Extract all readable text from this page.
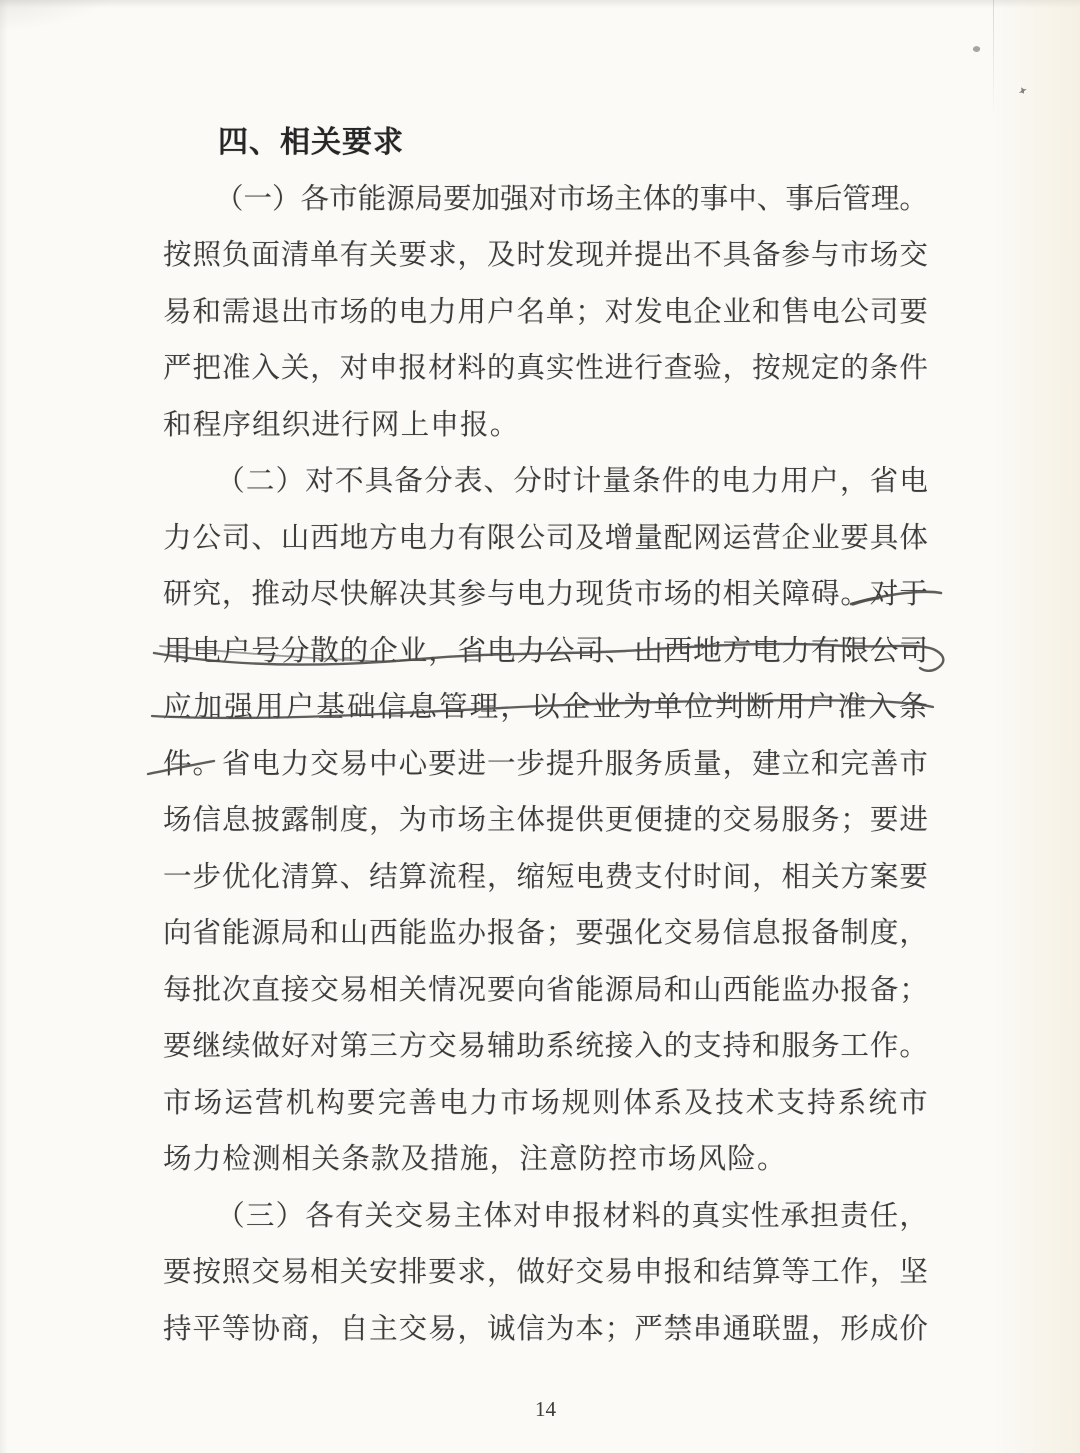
四、相关要求
（ 一 ） 各 市 能 源 局 要 加 强 对 市 场 主 体 的 事 中 、 事 后 管 理 。
按 照 负 面 清 单 有 关 要 求 ， 及 时 发 现 并 提 出 不 具 备 参 与 市 场 交
易 和 需 退 出 市 场 的 电 力 用 户 名 单 ； 对 发 电 企 业 和 售 电 公 司 要
严 把 准 入 关 ， 对 申 报 材 料 的 真 实 性 进 行 查 验 ， 按 规 定 的 条 件
和程序组织进行网上申报。
（ 二 ） 对 不 具 备 分 表 、 分 时 计 量 条 件 的 电 力 用 户 ， 省 电
力 公 司 、 山 西 地 方 电 力 有 限 公 司 及 增 量 配 网 运 营 企 业 要 具 体
研 究 ， 推 动 尽 快 解 决 其 参 与 电 力 现 货 市 场 的 相 关 障 碍 。 对 于
用 电 户 号 分 散 的 企 业 ， 省 电 力 公 司 、 山 西 地 方 电 力 有 限 公 司
应 加 强 用 户 基 础 信 息 管 理 ， 以 企 业 为 单 位 判 断 用 户 准 入 条
件 。 省 电 力 交 易 中 心 要 进 一 步 提 升 服 务 质 量 ， 建 立 和 完 善 市
场 信 息 披 露 制 度 ， 为 市 场 主 体 提 供 更 便 捷 的 交 易 服 务 ； 要 进
一 步 优 化 清 算 、 结 算 流 程 ， 缩 短 电 费 支 付 时 间 ， 相 关 方 案 要
向 省 能 源 局 和 山 西 能 监 办 报 备 ； 要 强 化 交 易 信 息 报 备 制 度 ，
每 批 次 直 接 交 易 相 关 情 况 要 向 省 能 源 局 和 山 西 能 监 办 报 备 ；
要 继 续 做 好 对 第 三 方 交 易 辅 助 系 统 接 入 的 支 持 和 服 务 工 作 。
市 场 运 营 机 构 要 完 善 电 力 市 场 规 则 体 系 及 技 术 支 持 系 统 市
场力检测相关条款及措施，注意防控市场风险。
（ 三 ） 各 有 关 交 易 主 体 对 申 报 材 料 的 真 实 性 承 担 责 任 ，
要 按 照 交 易 相 关 安 排 要 求 ， 做 好 交 易 申 报 和 结 算 等 工 作 ， 坚
持 平 等 协 商 ， 自 主 交 易 ， 诚 信 为 本 ； 严 禁 串 通 联 盟 ， 形 成 价
14
